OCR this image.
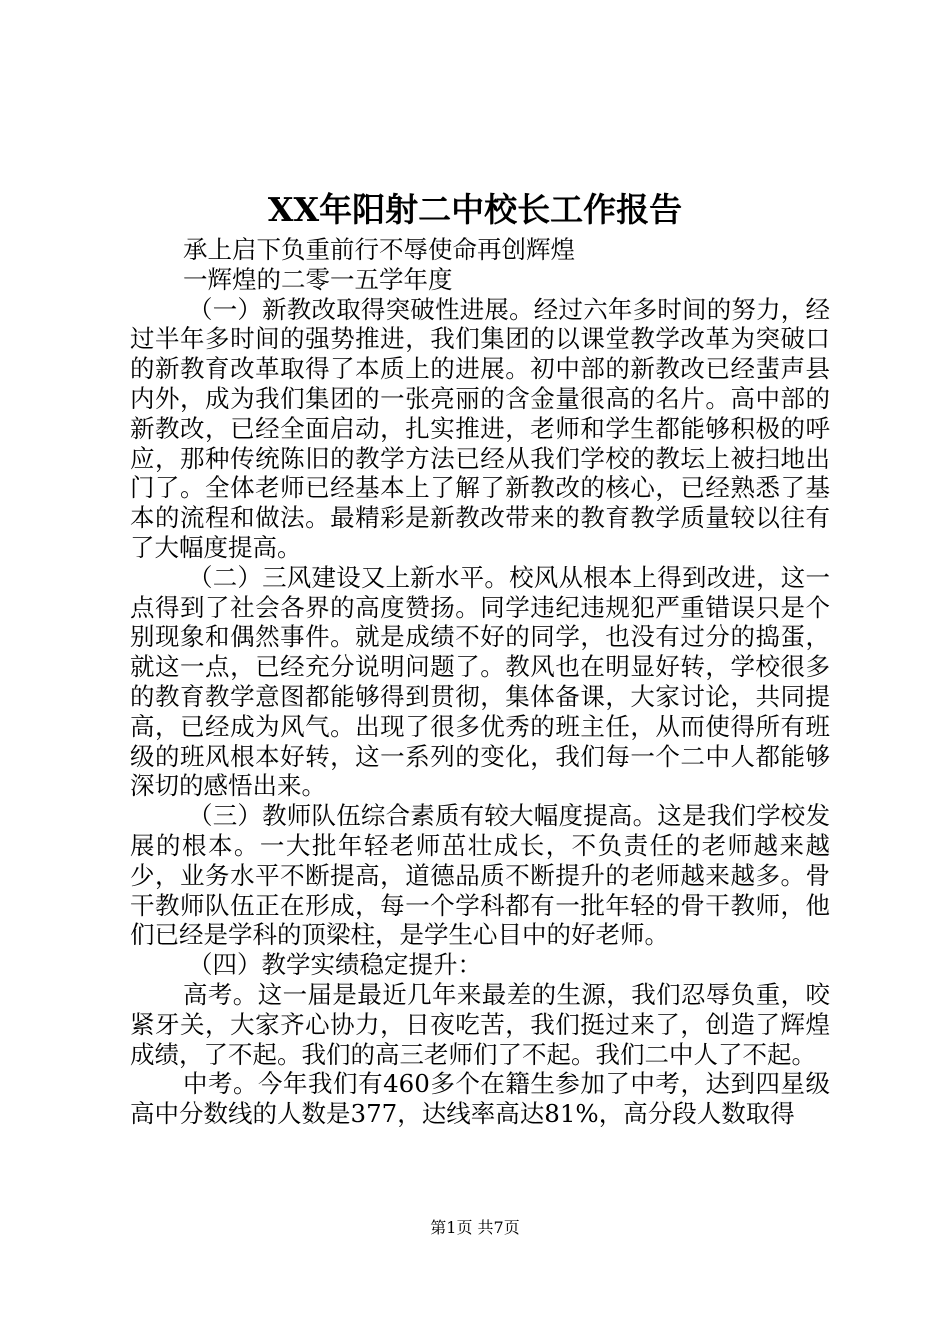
XX年阳射二中校长工作报告

承上启下负重前行不辱使命再创辉煌

一辉煌的二零一五学年度

（一）新教改取得突破性进展。经过六年多时间的努力，经过半年多时间的强势推进，我们集团的以课堂教学改革为突破口的新教育改革取得了本质上的进展。初中部的新教改已经蜚声县内外，成为我们集团的一张亮丽的含金量很高的名片。高中部的新教改，已经全面启动，扎实推进，老师和学生都能够积极的呼应，那种传统陈旧的教学方法已经从我们学校的教坛上被扫地出门了。全体老师已经基本上了解了新教改的核心，已经熟悉了基本的流程和做法。最精彩是新教改带来的教育教学质量较以往有了大幅度提高。

（二）三风建设又上新水平。校风从根本上得到改进，这一点得到了社会各界的高度赞扬。同学违纪违规犯严重错误只是个别现象和偶然事件。就是成绩不好的同学，也没有过分的捣蛋，就这一点，已经充分说明问题了。教风也在明显好转，学校很多的教育教学意图都能够得到贯彻，集体备课，大家讨论，共同提高，已经成为风气。出现了很多优秀的班主任，从而使得所有班级的班风根本好转，这一系列的变化，我们每一个二中人都能够深切的感悟出来。

（三）教师队伍综合素质有较大幅度提高。这是我们学校发展的根本。一大批年轻老师茁壮成长，不负责任的老师越来越少，业务水平不断提高，道德品质不断提升的老师越来越多。骨干教师队伍正在形成，每一个学科都有一批年轻的骨干教师，他们已经是学科的顶梁柱，是学生心目中的好老师。

（四）教学实绩稳定提升：

高考。这一届是最近几年来最差的生源，我们忍辱负重，咬紧牙关，大家齐心协力，日夜吃苦，我们挺过来了，创造了辉煌成绩，了不起。我们的高三老师们了不起。我们二中人了不起。

中考。今年我们有460多个在籍生参加了中考，达到四星级高中分数线的人数是377，达线率高达81%，高分段人数取得

第1页 共7页
